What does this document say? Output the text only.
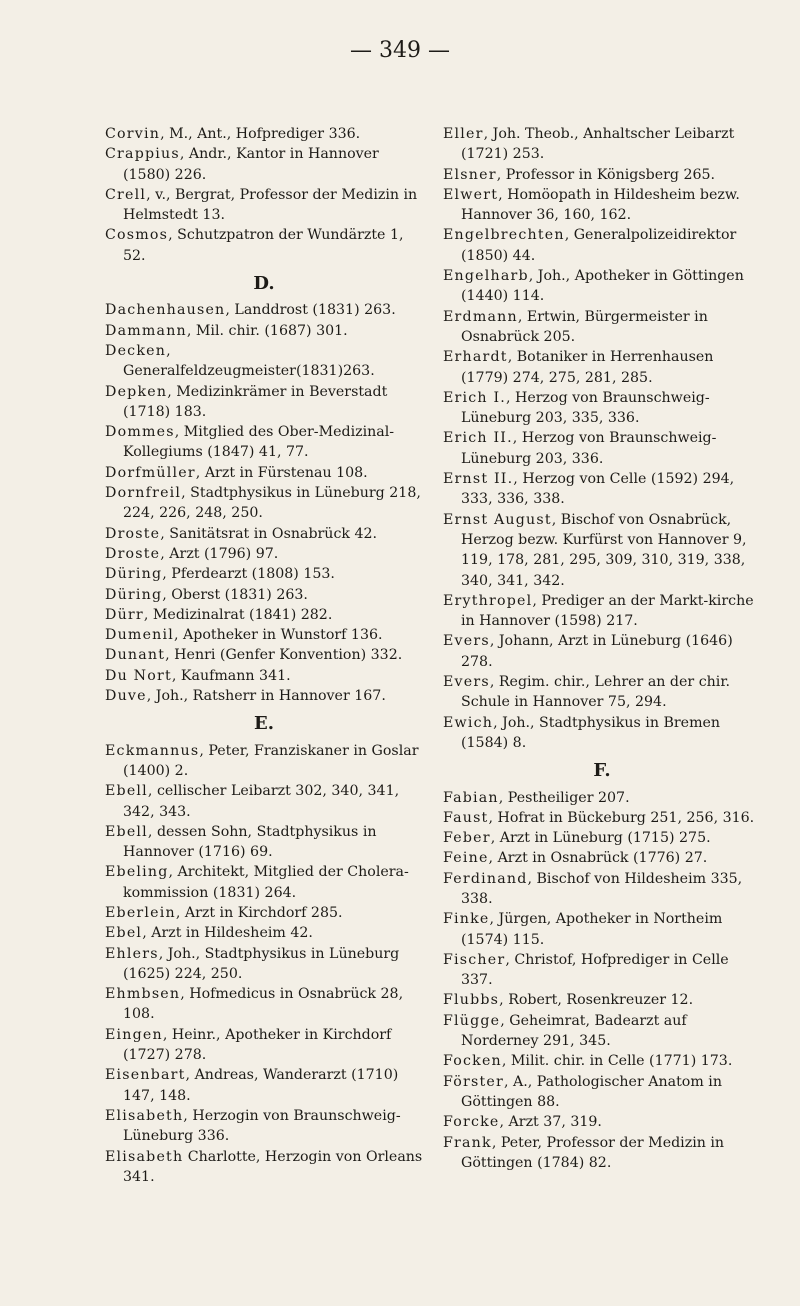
— 349 —

Corvin, M., Ant., Hofprediger 336.

Crappius, Andr., Kantor in Hannover (1580) 226.

Crell, v., Bergrat, Professor der Medizin in Helmstedt 13.

Cosmos, Schutzpatron der Wundärzte 1, 52.

D.

Dachenhausen, Landdrost (1831) 263.

Dammann, Mil. chir. (1687) 301.

Decken, Generalfeldzeugmeister(1831)263.

Depken, Medizinkrämer in Beverstadt (1718) 183.

Dommes, Mitglied des Ober-Medizinal-Kollegiums (1847) 41, 77.

Dorfmüller, Arzt in Fürstenau 108.

Dornfreil, Stadtphysikus in Lüneburg 218, 224, 226, 248, 250.

Droste, Sanitätsrat in Osnabrück 42.

Droste, Arzt (1796) 97.

Düring, Pferdearzt (1808) 153.

Düring, Oberst (1831) 263.

Dürr, Medizinalrat (1841) 282.

Dumenil, Apotheker in Wunstorf 136.

Dunant, Henri (Genfer Konvention) 332.

Du Nort, Kaufmann 341.

Duve, Joh., Ratsherr in Hannover 167.

E.

Eckmannus, Peter, Franziskaner in Goslar (1400) 2.

Ebell, cellischer Leibarzt 302, 340, 341, 342, 343.

Ebell, dessen Sohn, Stadtphysikus in Hannover (1716) 69.

Ebeling, Architekt, Mitglied der Cholera-kommission (1831) 264.

Eberlein, Arzt in Kirchdorf 285.

Ebel, Arzt in Hildesheim 42.

Ehlers, Joh., Stadtphysikus in Lüneburg (1625) 224, 250.

Ehmbsen, Hofmedicus in Osnabrück 28, 108.

Eingen, Heinr., Apotheker in Kirchdorf (1727) 278.

Eisenbart, Andreas, Wanderarzt (1710) 147, 148.

Elisabeth, Herzogin von Braunschweig-Lüneburg 336.

Elisabeth Charlotte, Herzogin von Orleans 341.

Eller, Joh. Theob., Anhaltscher Leibarzt (1721) 253.

Elsner, Professor in Königsberg 265.

Elwert, Homöopath in Hildesheim bezw. Hannover 36, 160, 162.

Engelbrechten, Generalpolizeidirektor (1850) 44.

Engelharb, Joh., Apotheker in Göttingen (1440) 114.

Erdmann, Ertwin, Bürgermeister in Osnabrück 205.

Erhardt, Botaniker in Herrenhausen (1779) 274, 275, 281, 285.

Erich I., Herzog von Braunschweig-Lüneburg 203, 335, 336.

Erich II., Herzog von Braunschweig-Lüneburg 203, 336.

Ernst II., Herzog von Celle (1592) 294, 333, 336, 338.

Ernst August, Bischof von Osnabrück, Herzog bezw. Kurfürst von Hannover 9, 119, 178, 281, 295, 309, 310, 319, 338, 340, 341, 342.

Erythropel, Prediger an der Markt-kirche in Hannover (1598) 217.

Evers, Johann, Arzt in Lüneburg (1646) 278.

Evers, Regim. chir., Lehrer an der chir. Schule in Hannover 75, 294.

Ewich, Joh., Stadtphysikus in Bremen (1584) 8.

F.

Fabian, Pestheiliger 207.

Faust, Hofrat in Bückeburg 251, 256, 316.

Feber, Arzt in Lüneburg (1715) 275.

Feine, Arzt in Osnabrück (1776) 27.

Ferdinand, Bischof von Hildesheim 335, 338.

Finke, Jürgen, Apotheker in Northeim (1574) 115.

Fischer, Christof, Hofprediger in Celle 337.

Flubbs, Robert, Rosenkreuzer 12.

Flügge, Geheimrat, Badearzt auf Norderney 291, 345.

Focken, Milit. chir. in Celle (1771) 173.

Förster, A., Pathologischer Anatom in Göttingen 88.

Forcke, Arzt 37, 319.

Frank, Peter, Professor der Medizin in Göttingen (1784) 82.
